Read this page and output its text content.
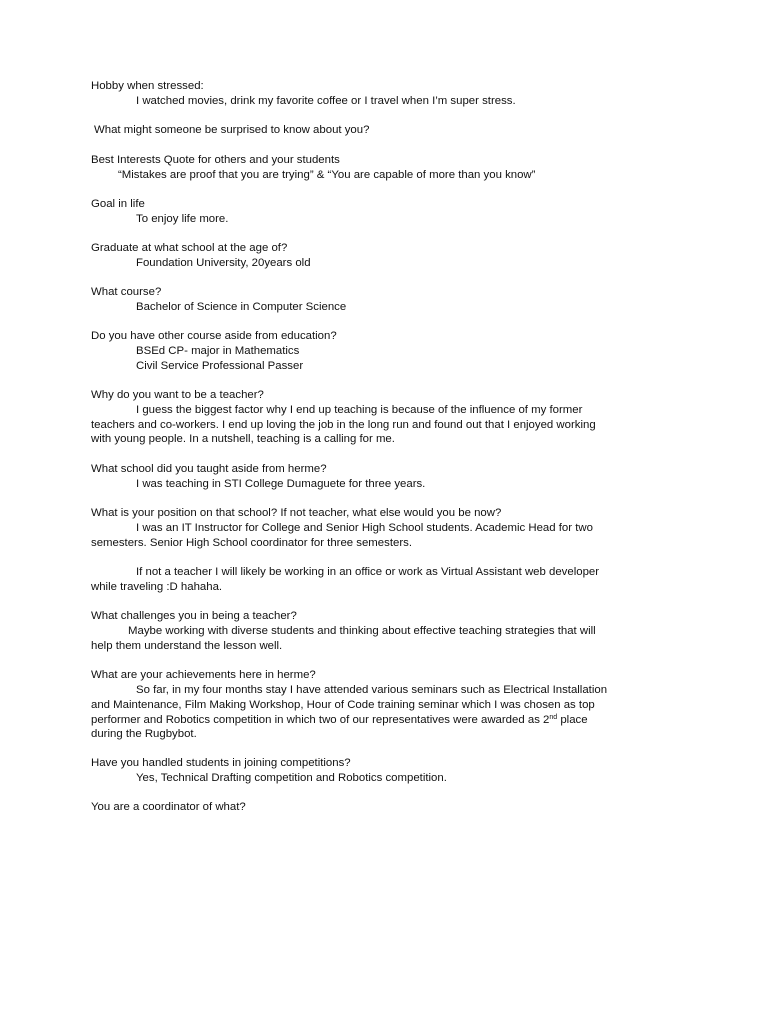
Hobby when stressed:
I watched movies, drink my favorite coffee or I travel when I’m super stress.
What might someone be surprised to know about you?
Best Interests Quote for others and your students
“Mistakes are proof that you are trying” & “You are capable of more than you know”
Goal in life
To enjoy life more.
Graduate at what school at the age of?
Foundation University, 20years old
What course?
Bachelor of Science in Computer Science
Do you have other course aside from education?
BSEd CP- major in Mathematics
Civil Service Professional Passer
Why do you want to be a teacher?
I guess the biggest factor why I end up teaching is because of the influence of my former
teachers and co-workers. I end up loving the job in the long run and found out that I enjoyed working
with young people. In a nutshell, teaching is a calling for me.
What school did you taught aside from herme?
I was teaching in STI College Dumaguete for three years.
What is your position on that school? If not teacher, what else would you be now?
I was an IT Instructor for College and Senior High School students. Academic Head for two
semesters. Senior High School coordinator for three semesters.
If not a teacher I will likely be working in an office or work as Virtual Assistant web developer
while traveling :D hahaha.
What challenges you in being a teacher?
Maybe working with diverse students and thinking about effective teaching strategies that will
help them understand the lesson well.
What are your achievements here in herme?
So far, in my four months stay I have attended various seminars such as Electrical Installation
and Maintenance, Film Making Workshop, Hour of Code training seminar which I was chosen as top
performer and Robotics competition in which two of our representatives were awarded as 2nd place
during the Rugbybot.
Have you handled students in joining competitions?
Yes, Technical Drafting competition and Robotics competition.
You are a coordinator of what?
